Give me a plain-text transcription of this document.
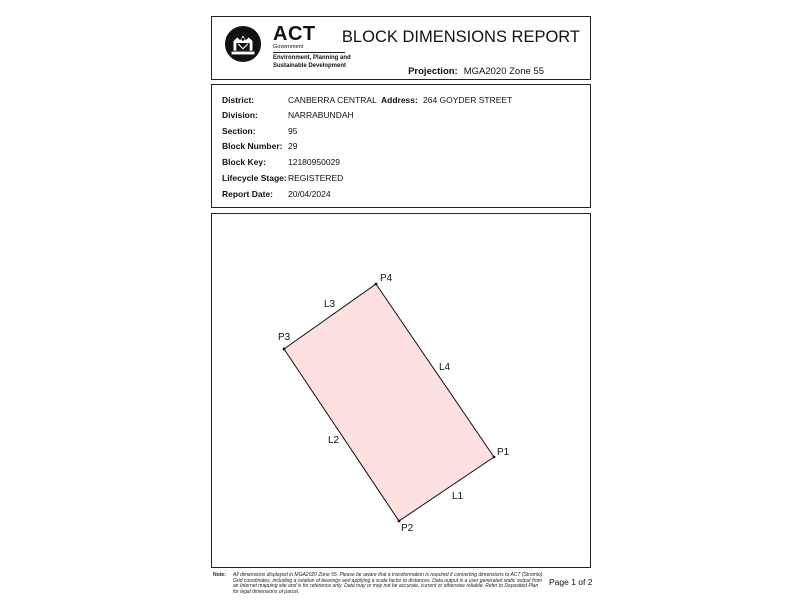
ACT
Government
Environment, Planning and
Sustainable Development
BLOCK DIMENSIONS REPORT
Projection: MGA2020 Zone 55
District:	CANBERRA CENTRAL Address: 264 GOYDER STREET
Division:	NARRABUNDAH
Section:	95
Block Number: 29
Block Key:	12180950029
Lifecycle Stage: REGISTERED
Report Date: 20/04/2024
P1
P2
P3
P4
L1
L2
L3
L4
Note: All dimensions displayed in MGA2020 Zone 55. Please be aware that a transformation is required if converting dimensions to ACT (Stromlo) Grid coordinates, including a rotation of bearings and applying a scale factor to distances. Data output is a user generated static output from an Internet mapping site and is for reference only. Data may or may not be accurate, current or otherwise reliable. Refer to Deposited Plan for legal dimensions of parcel.
Page 1 of 2
